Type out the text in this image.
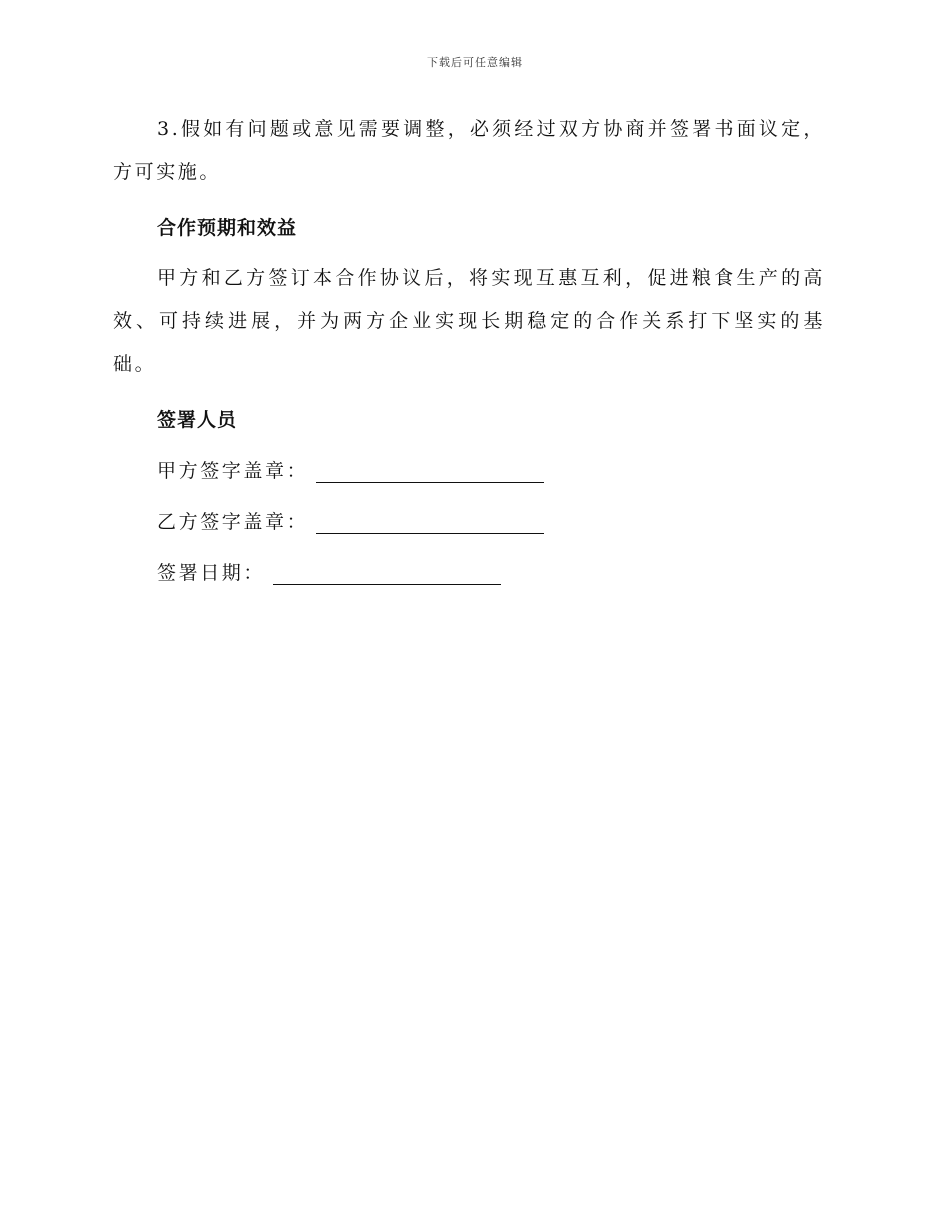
下载后可任意编辑

3.假如有问题或意见需要调整，必须经过双方协商并签署书面议定，方可实施。

合作预期和效益

甲方和乙方签订本合作协议后，将实现互惠互利，促进粮食生产的高效、可持续进展，并为两方企业实现长期稳定的合作关系打下坚实的基础。

签署人员

甲方签字盖章：
乙方签字盖章：
签署日期：
